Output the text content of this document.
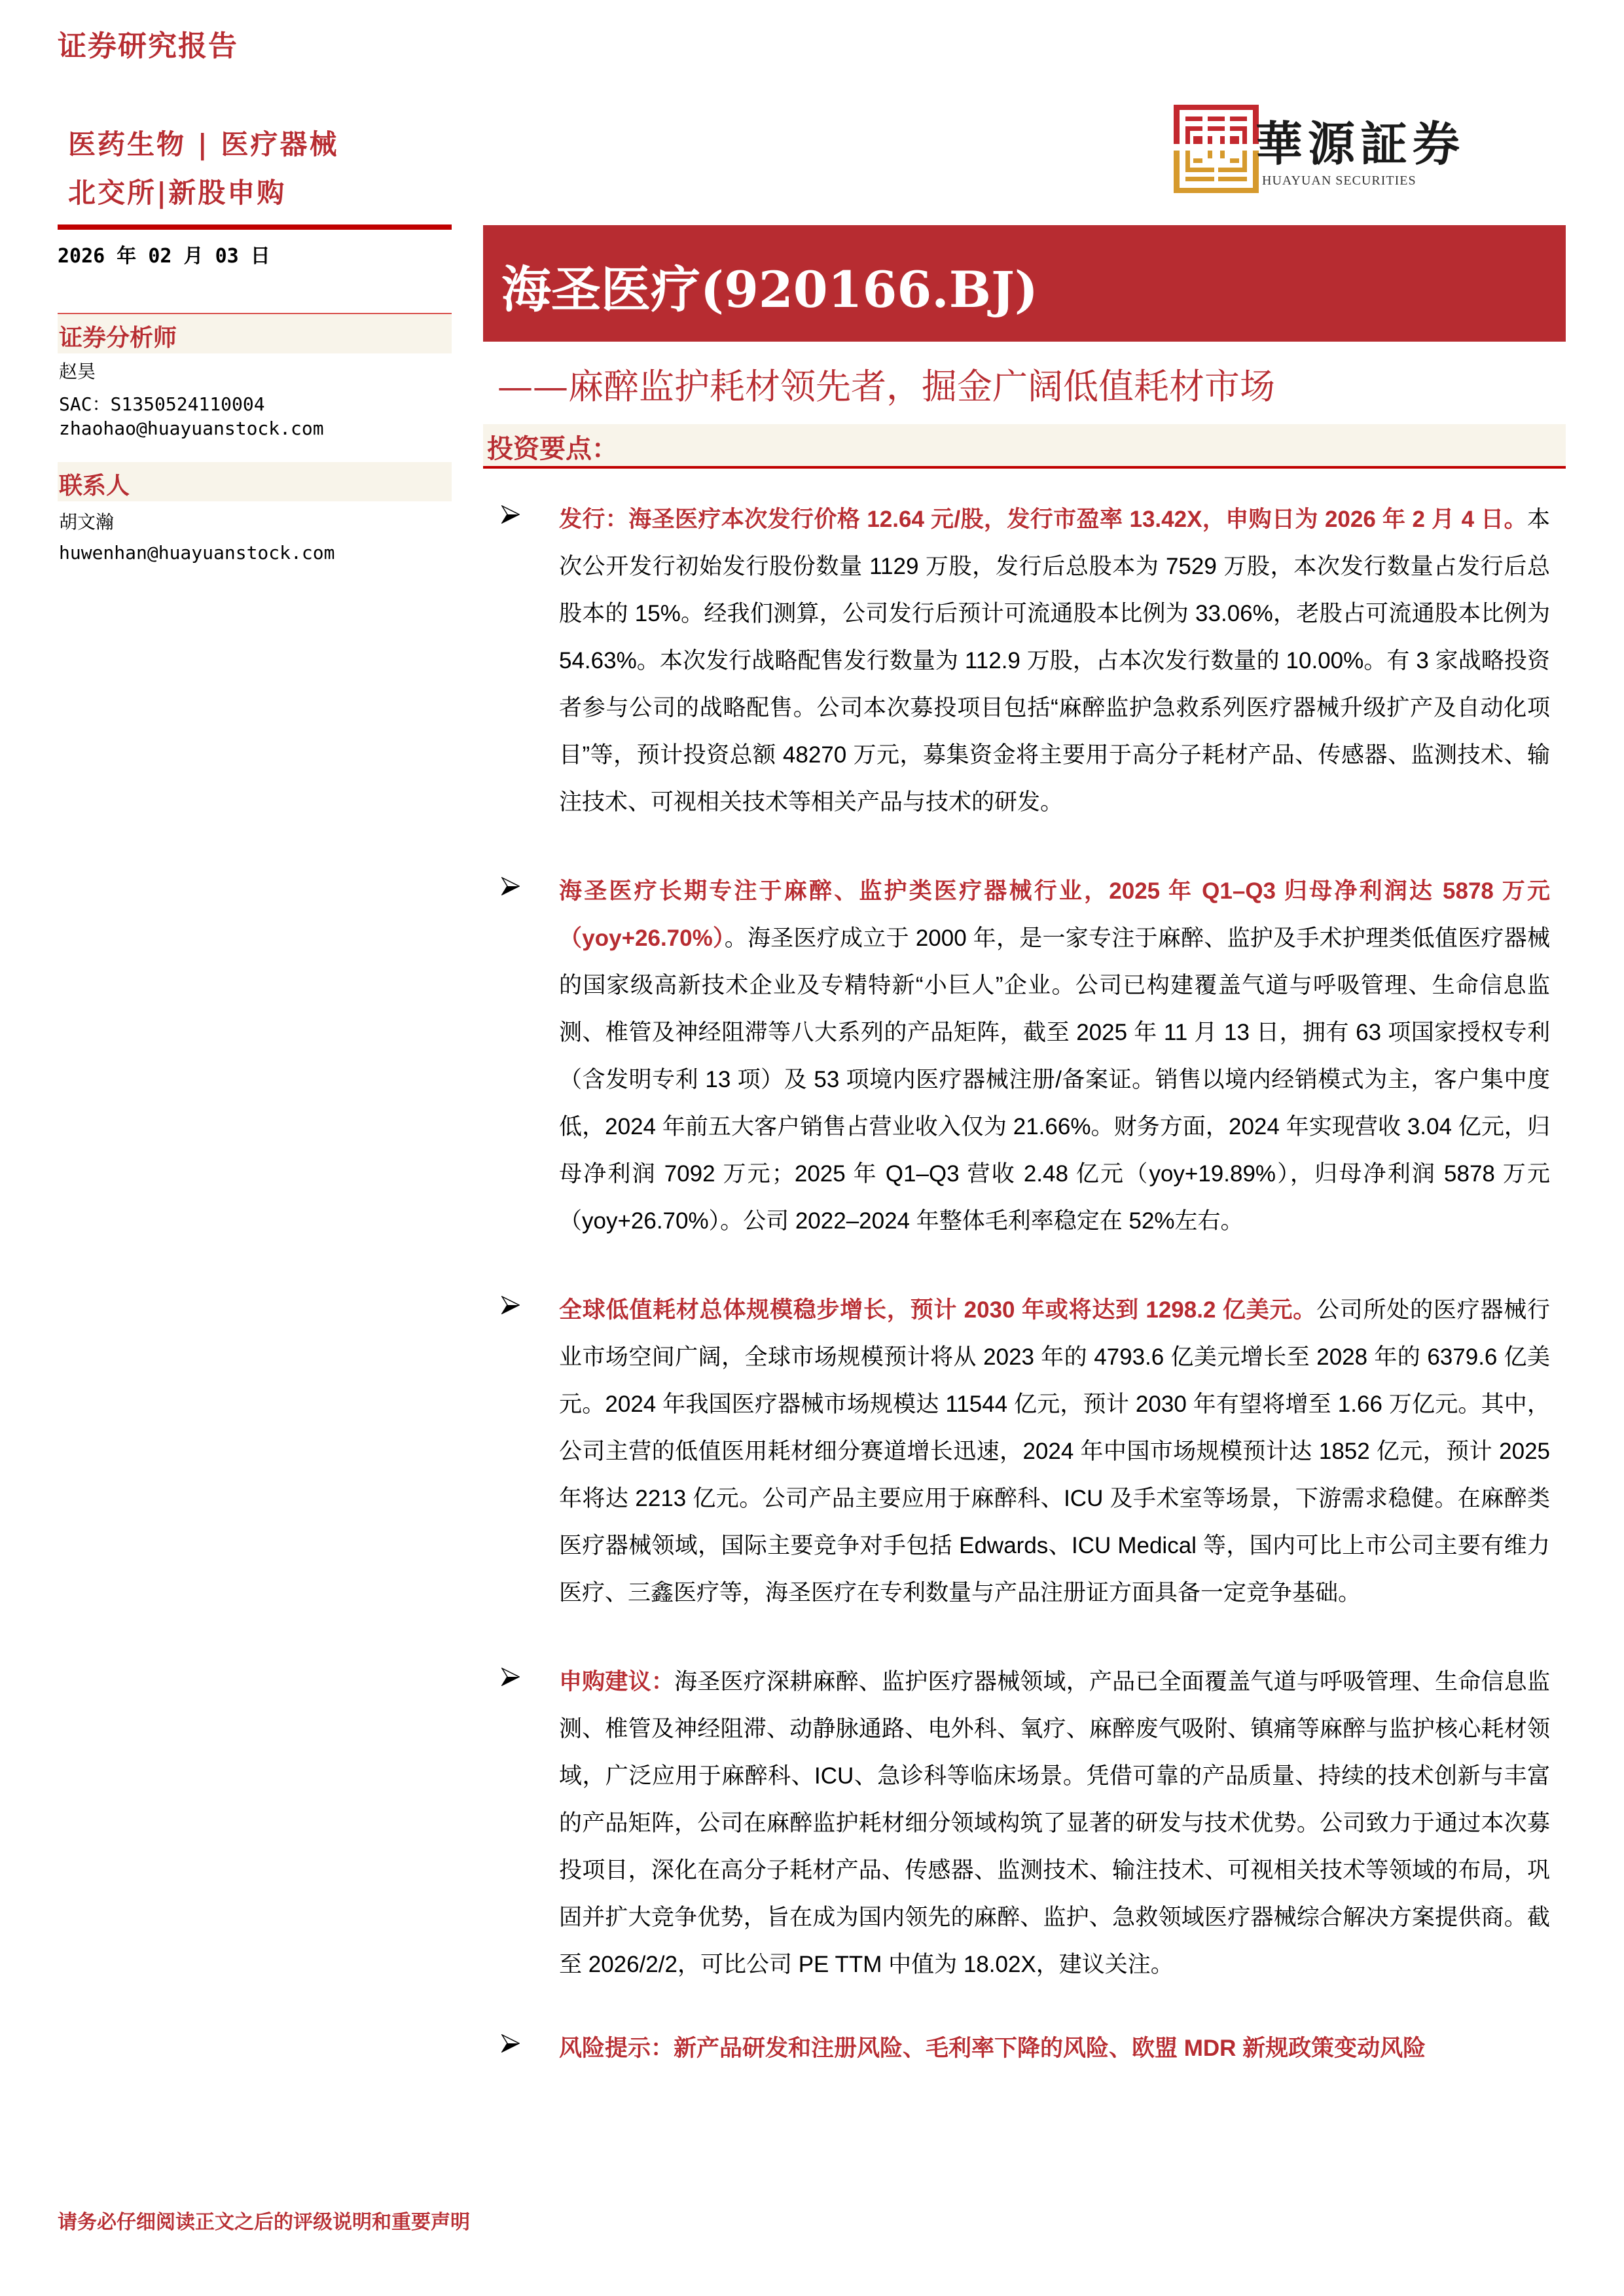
证券研究报告
医药生物 | 医疗器械
北交所|新股申购
2026 年 02 月 03 日
证券分析师
赵昊
SAC：S1350524110004
zhaohao@huayuanstock.com
联系人
胡文瀚
huwenhan@huayuanstock.com
華源証券
HUAYUAN SECURITIES
海圣医疗(920166.BJ)
——麻醉监护耗材领先者，掘金广阔低值耗材市场
投资要点：
发行：海圣医疗本次发行价格 12.64 元/股，发行市盈率 13.42X，申购日为 2026 年 2 月 4 日。本次公开发行初始发行股份数量 1129 万股，发行后总股本为 7529 万股，本次发行数量占发行后总股本的 15%。经我们测算，公司发行后预计可流通股本比例为 33.06%，老股占可流通股本比例为 54.63%。本次发行战略配售发行数量为 112.9 万股，占本次发行数量的 10.00%。有 3 家战略投资者参与公司的战略配售。公司本次募投项目包括“麻醉监护急救系列医疗器械升级扩产及自动化项目”等，预计投资总额 48270 万元，募集资金将主要用于高分子耗材产品、传感器、监测技术、输注技术、可视相关技术等相关产品与技术的研发。
海圣医疗长期专注于麻醉、监护类医疗器械行业，2025 年 Q1–Q3 归母净利润达 5878 万元（yoy+26.70%）。海圣医疗成立于 2000 年，是一家专注于麻醉、监护及手术护理类低值医疗器械的国家级高新技术企业及专精特新“小巨人”企业。公司已构建覆盖气道与呼吸管理、生命信息监测、椎管及神经阻滞等八大系列的产品矩阵，截至 2025 年 11 月 13 日，拥有 63 项国家授权专利（含发明专利 13 项）及 53 项境内医疗器械注册/备案证。销售以境内经销模式为主，客户集中度低，2024 年前五大客户销售占营业收入仅为 21.66%。财务方面，2024 年实现营收 3.04 亿元，归母净利润 7092 万元；2025 年 Q1–Q3 营收 2.48 亿元（yoy+19.89%），归母净利润 5878 万元（yoy+26.70%）。公司 2022–2024 年整体毛利率稳定在 52%左右。
全球低值耗材总体规模稳步增长，预计 2030 年或将达到 1298.2 亿美元。公司所处的医疗器械行业市场空间广阔，全球市场规模预计将从 2023 年的 4793.6 亿美元增长至 2028 年的 6379.6 亿美元。2024 年我国医疗器械市场规模达 11544 亿元，预计 2030 年有望将增至 1.66 万亿元。其中，公司主营的低值医用耗材细分赛道增长迅速，2024 年中国市场规模预计达 1852 亿元，预计 2025 年将达 2213 亿元。公司产品主要应用于麻醉科、ICU 及手术室等场景，下游需求稳健。在麻醉类医疗器械领域，国际主要竞争对手包括 Edwards、ICU Medical 等，国内可比上市公司主要有维力医疗、三鑫医疗等，海圣医疗在专利数量与产品注册证方面具备一定竞争基础。
申购建议：海圣医疗深耕麻醉、监护医疗器械领域，产品已全面覆盖气道与呼吸管理、生命信息监测、椎管及神经阻滞、动静脉通路、电外科、氧疗、麻醉废气吸附、镇痛等麻醉与监护核心耗材领域，广泛应用于麻醉科、ICU、急诊科等临床场景。凭借可靠的产品质量、持续的技术创新与丰富的产品矩阵，公司在麻醉监护耗材细分领域构筑了显著的研发与技术优势。公司致力于通过本次募投项目，深化在高分子耗材产品、传感器、监测技术、输注技术、可视相关技术等领域的布局，巩固并扩大竞争优势，旨在成为国内领先的麻醉、监护、急救领域医疗器械综合解决方案提供商。截至 2026/2/2，可比公司 PE TTM 中值为 18.02X，建议关注。
风险提示：新产品研发和注册风险、毛利率下降的风险、欧盟 MDR 新规政策变动风险
请务必仔细阅读正文之后的评级说明和重要声明
